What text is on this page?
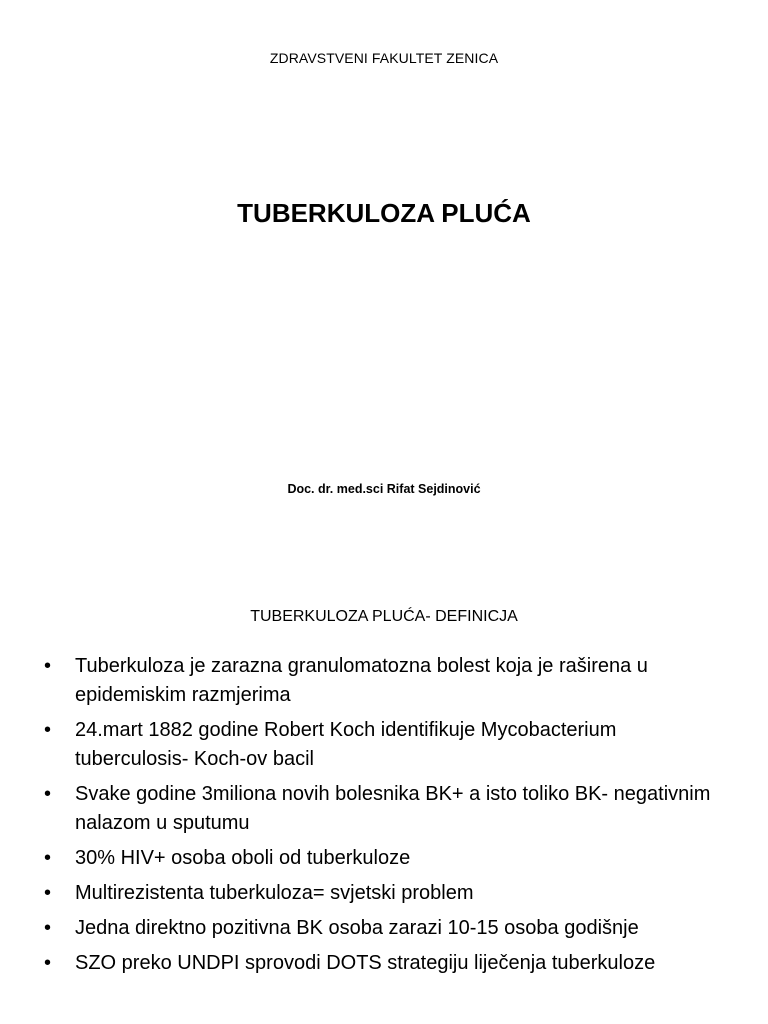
ZDRAVSTVENI FAKULTET ZENICA
TUBERKULOZA PLUĆA
Doc. dr. med.sci Rifat Sejdinović
TUBERKULOZA PLUĆA- DEFINICJA
• Tuberkuloza je zarazna granulomatozna bolest koja je raširena u epidemiskim razmjerima
• 24.mart 1882 godine Robert Koch identifikuje Mycobacterium tuberculosis- Koch-ov bacil
• Svake godine 3miliona novih bolesnika BK+ a isto toliko BK- negativnim nalazom u sputumu
• 30% HIV+ osoba oboli od tuberkuloze
• Multirezistenta tuberkuloza= svjetski problem
• Jedna direktno pozitivna BK osoba zarazi 10-15 osoba godišnje
• SZO preko UNDPI sprovodi DOTS strategiju liječenja tuberkuloze
